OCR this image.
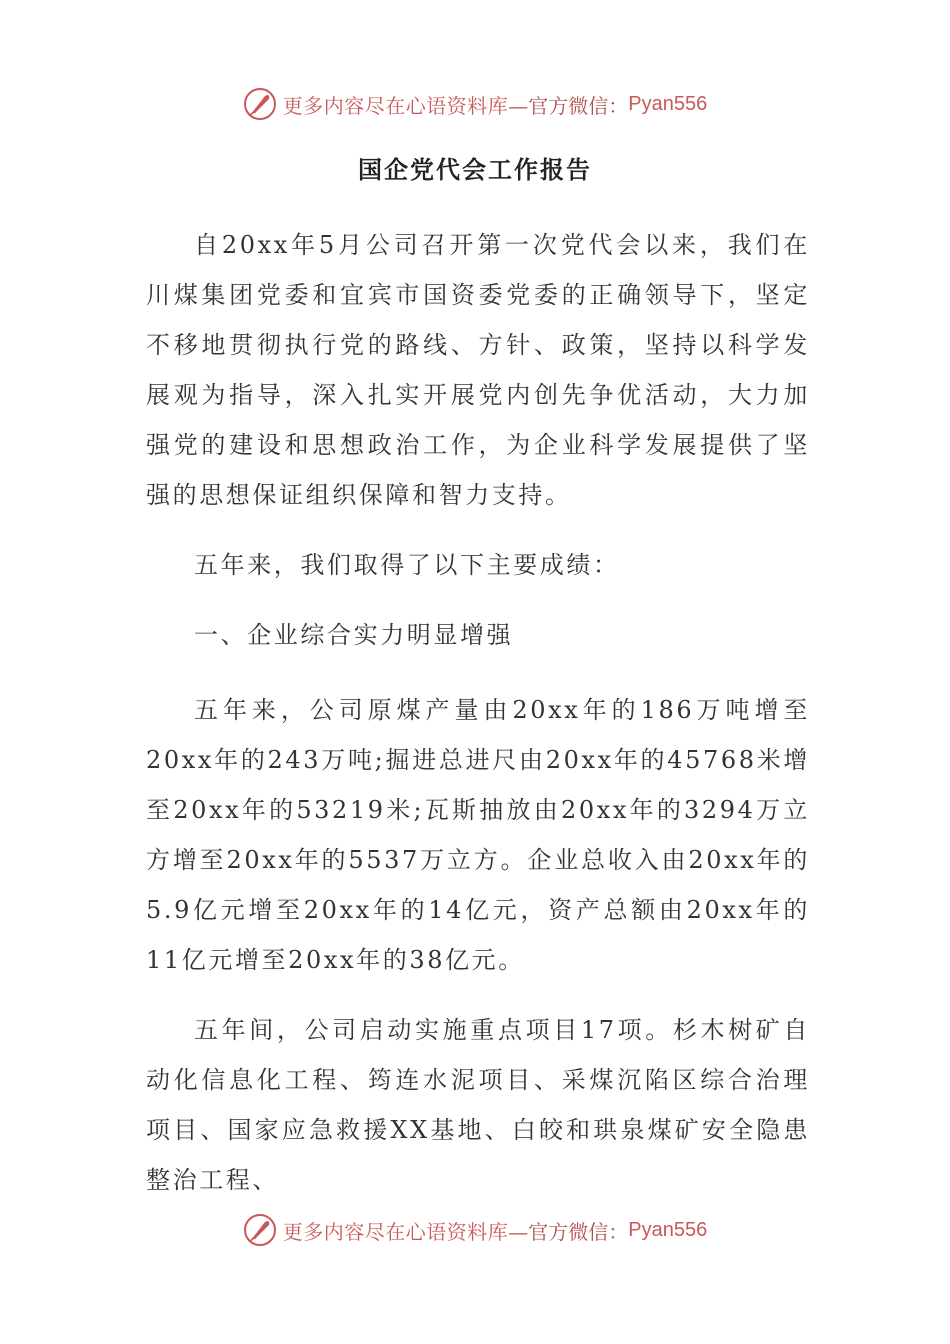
更多内容尽在心语资料库 —官方微信： Pyan556
国企党代会工作报告

自20xx年5月公司召开第一次党代会以来，我们在川煤集团党委和宜宾市国资委党委的正确领导下，坚定不移地贯彻执行党的路线、方针、政策，坚持以科学发展观为指导，深入扎实开展党内创先争优活动，大力加强党的建设和思想政治工作，为企业科学发展提供了坚强的思想保证组织保障和智力支持。

五年来，我们取得了以下主要成绩：

一、企业综合实力明显增强

五年来，公司原煤产量由20xx年的186万吨增至20xx年的243万吨;掘进总进尺由20xx年的45768米增至20xx年的53219米;瓦斯抽放由20xx年的3294万立方增至20xx年的5537万立方。企业总收入由20xx年的5.9亿元增至20xx年的14亿元，资产总额由20xx年的11亿元增至20xx年的38亿元。

五年间，公司启动实施重点项目17项。杉木树矿自动化信息化工程、筠连水泥项目、采煤沉陷区综合治理项目、国家应急救援XX基地、白皎和珙泉煤矿安全隐患整治工程、

更多内容尽在心语资料库 —官方微信： Pyan556
